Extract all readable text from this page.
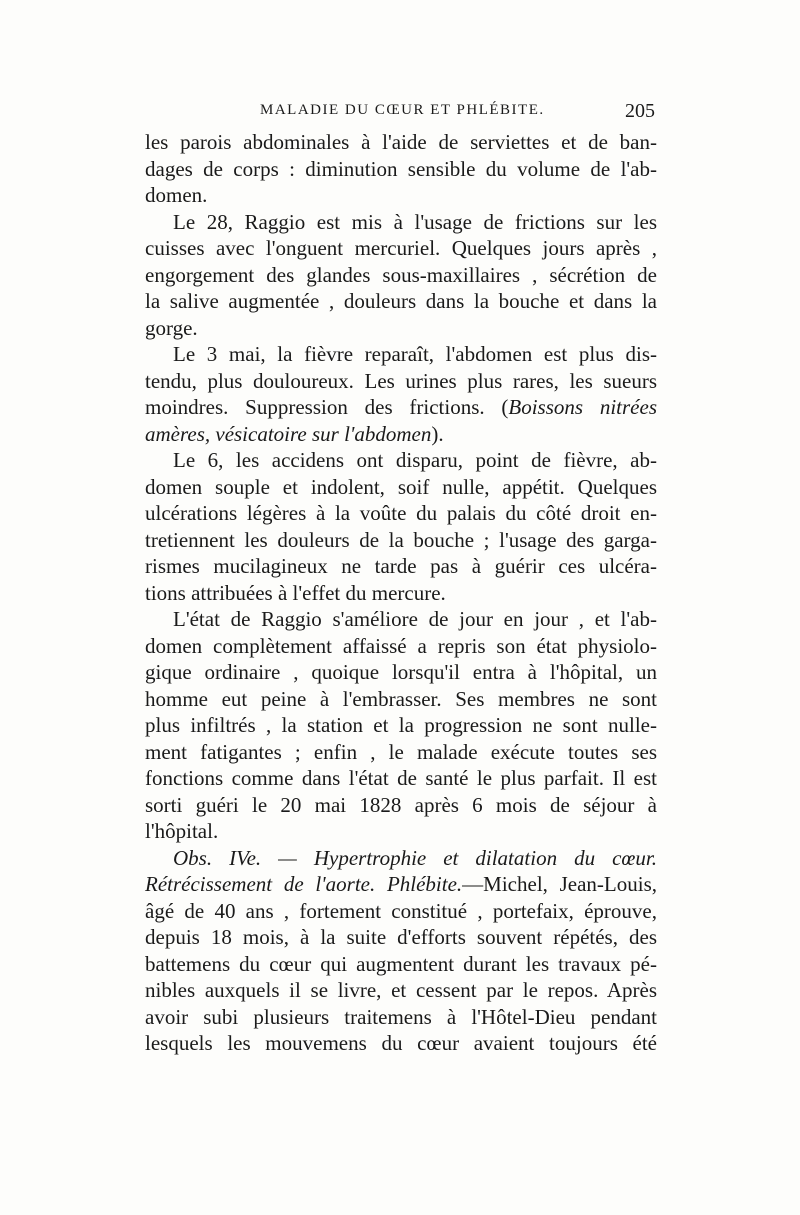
MALADIE DU CŒUR ET PHLÉBITE.	205
les parois abdominales à l'aide de serviettes et de ban-
dages de corps : diminution sensible du volume de l'ab-
domen.
Le 28, Raggio est mis à l'usage de frictions sur les
cuisses avec l'onguent mercuriel. Quelques jours après ,
engorgement des glandes sous-maxillaires , sécrétion de
la salive augmentée , douleurs dans la bouche et dans la
gorge.
Le 3 mai, la fièvre reparaît, l'abdomen est plus dis-
tendu, plus douloureux. Les urines plus rares, les sueurs
moindres. Suppression des frictions. (Boissons nitrées
amères, vésicatoire sur l'abdomen).
Le 6, les accidens ont disparu, point de fièvre, ab-
domen souple et indolent, soif nulle, appétit. Quelques
ulcérations légères à la voûte du palais du côté droit en-
tretiennent les douleurs de la bouche ; l'usage des garga-
rismes mucilagineux ne tarde pas à guérir ces ulcéra-
tions attribuées à l'effet du mercure.
L'état de Raggio s'améliore de jour en jour , et l'ab-
domen complètement affaissé a repris son état physiolo-
gique ordinaire , quoique lorsqu'il entra à l'hôpital, un
homme eut peine à l'embrasser. Ses membres ne sont
plus infiltrés , la station et la progression ne sont nulle-
ment fatigantes ; enfin , le malade exécute toutes ses
fonctions comme dans l'état de santé le plus parfait. Il est
sorti guéri le 20 mai 1828 après 6 mois de séjour à
l'hôpital.
Obs. IVe. — Hypertrophie et dilatation du cœur.
Rétrécissement de l'aorte. Phlébite.—Michel, Jean-Louis,
âgé de 40 ans , fortement constitué , portefaix, éprouve,
depuis 18 mois, à la suite d'efforts souvent répétés, des
battemens du cœur qui augmentent durant les travaux pé-
nibles auxquels il se livre, et cessent par le repos. Après
avoir subi plusieurs traitemens à l'Hôtel-Dieu pendant
lesquels les mouvemens du cœur avaient toujours été
